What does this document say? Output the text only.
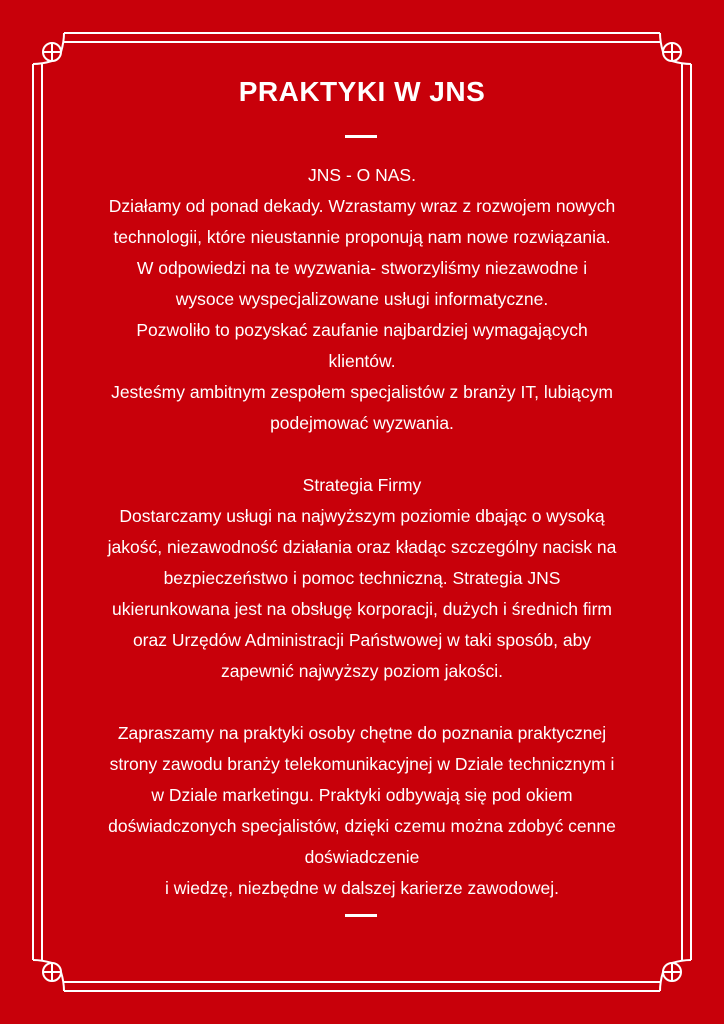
PRAKTYKI W JNS
JNS - O NAS.
Działamy od ponad dekady. Wzrastamy wraz z rozwojem nowych
technologii, które nieustannie proponują nam nowe rozwiązania.
W odpowiedzi na te wyzwania- stworzyliśmy niezawodne i
wysoce wyspecjalizowane usługi informatyczne.
Pozwoliło to pozyskać zaufanie najbardziej wymagających
klientów.
Jesteśmy ambitnym zespołem specjalistów z branży IT, lubiącym
podejmować wyzwania.
Strategia Firmy
Dostarczamy usługi na najwyższym poziomie dbając o wysoką
jakość, niezawodność działania oraz kładąc szczególny nacisk na
bezpieczeństwo i pomoc techniczną. Strategia JNS
ukierunkowana jest na obsługę korporacji, dużych i średnich firm
oraz Urzędów Administracji Państwowej w taki sposób, aby
zapewnić najwyższy poziom jakości.
Zapraszamy na praktyki osoby chętne do poznania praktycznej
strony zawodu branży telekomunikacyjnej w Dziale technicznym i
w Dziale marketingu. Praktyki odbywają się pod okiem
doświadczonych specjalistów, dzięki czemu można zdobyć cenne
doświadczenie
i wiedzę, niezbędne w dalszej karierze zawodowej.
